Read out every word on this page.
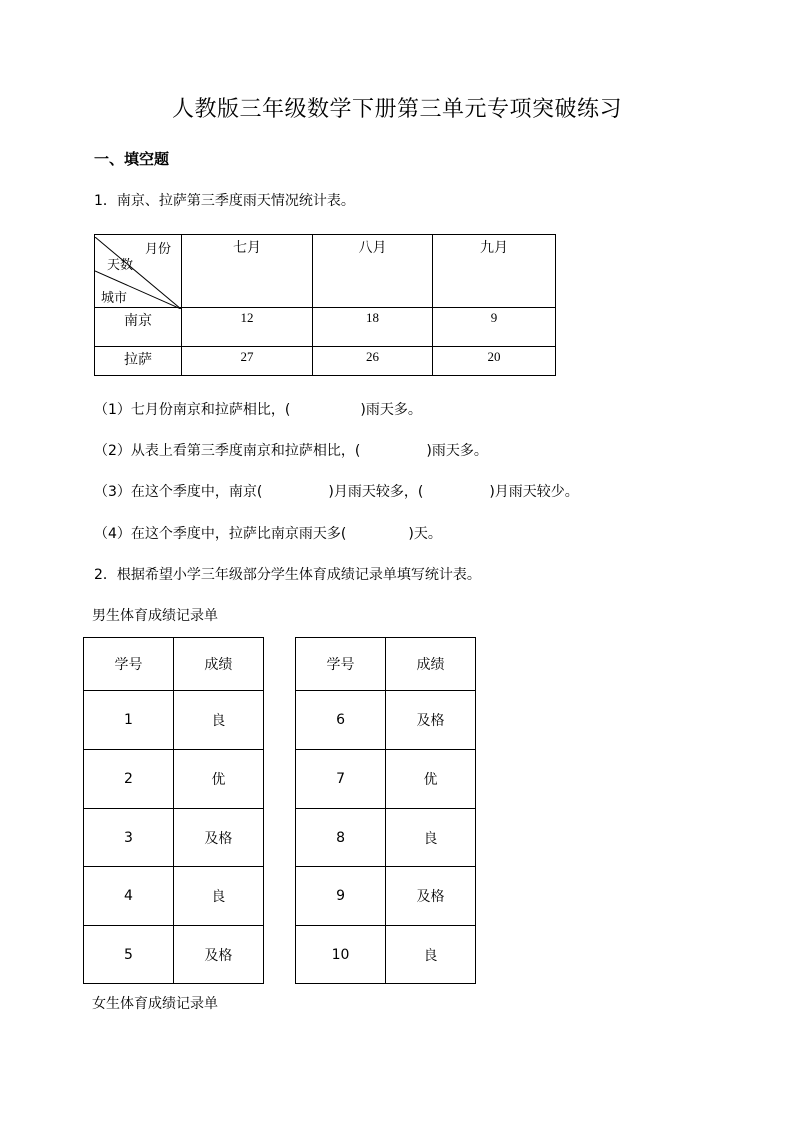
人教版三年级数学下册第三单元专项突破练习
一、填空题
1．南京、拉萨第三季度雨天情况统计表。
月份
天数
城市	七月	八月	九月
南京	12	18	9
拉萨	27	26	20
（1）七月份南京和拉萨相比，(	)雨天多。
（2）从表上看第三季度南京和拉萨相比，(	)雨天多。
（3）在这个季度中，南京(	)月雨天较多，(	)月雨天较少。
（4）在这个季度中，拉萨比南京雨天多(	)天。
2．根据希望小学三年级部分学生体育成绩记录单填写统计表。
男生体育成绩记录单
学号	成绩		学号	成绩
1	良		6	及格
2	优		7	优
3	及格		8	良
4	良		9	及格
5	及格		10	良
女生体育成绩记录单
